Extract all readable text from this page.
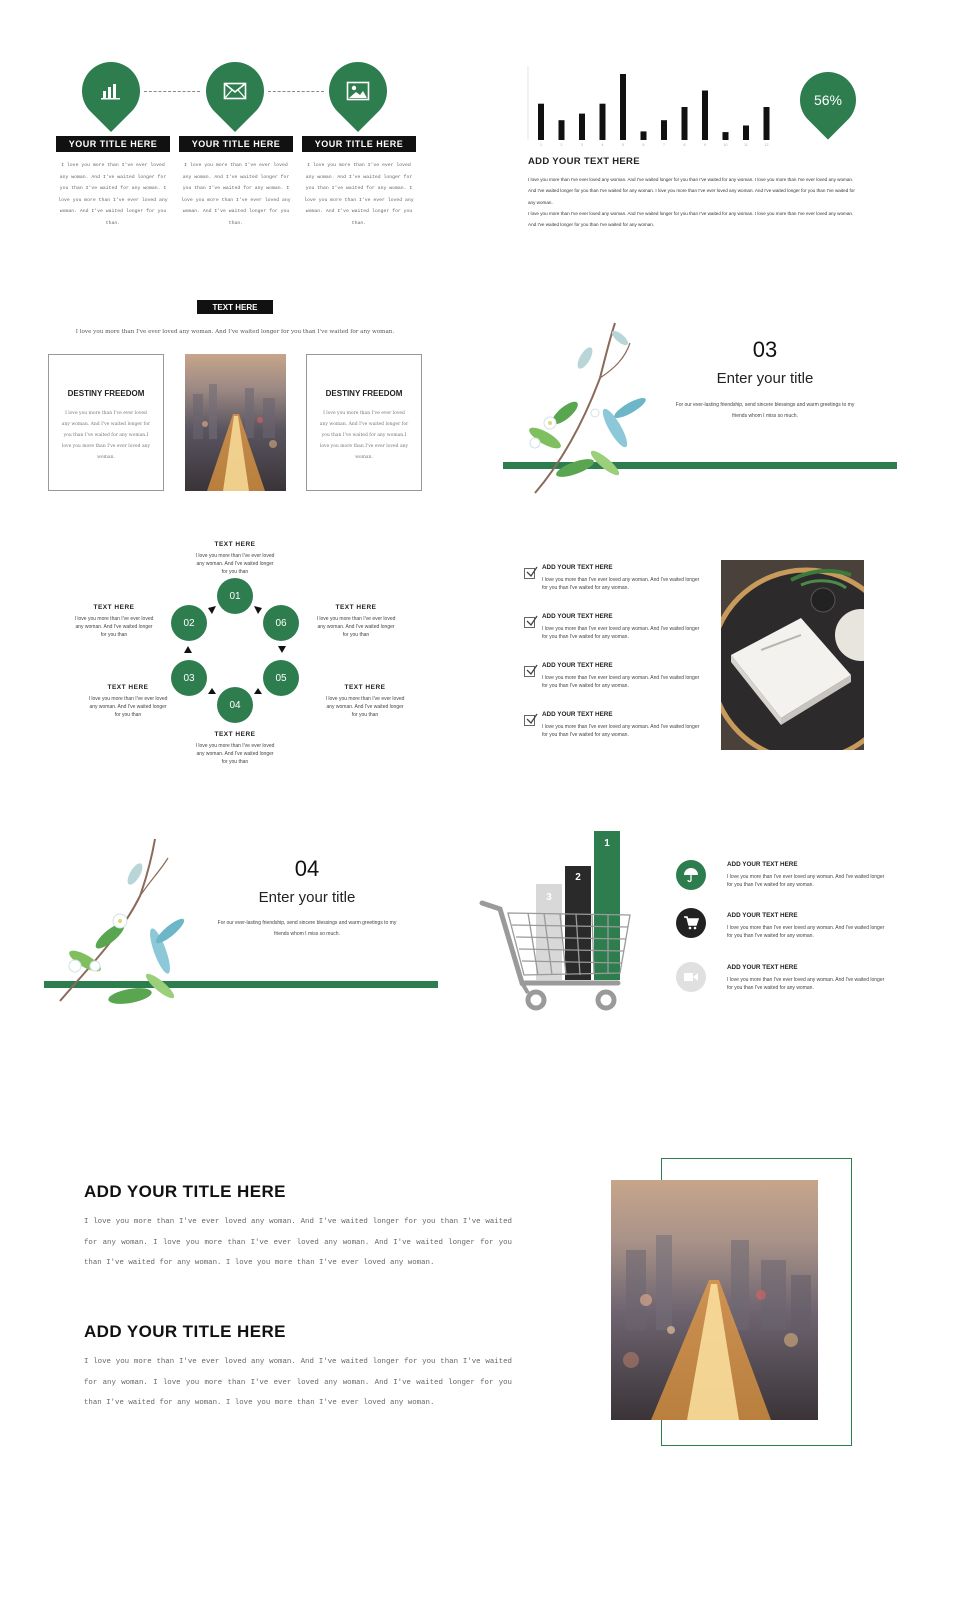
YOUR TITLE HERE	YOUR TITLE HERE	YOUR TITLE HERE
I love you more than I've ever loved any woman. And I've waited longer for you than I've waited for any woman. I love you more than I've ever loved any woman. And I've waited longer for you than.
I love you more than I've ever loved any woman. And I've waited longer for you than I've waited for any woman. I love you more than I've ever loved any woman. And I've waited longer for you than.
I love you more than I've ever loved any woman. And I've waited longer for you than I've waited for any woman. I love you more than I've ever loved any woman. And I've waited longer for you than.
1	2	3	4	5	6	7	8	9	10	11	12
56%
ADD YOUR TEXT HERE
I love you more than I've ever loved any woman. And I've waited longer for you than I've waited for any woman. I love you more than I've ever loved any woman. And I've waited longer for you than I've waited for any woman. I love you more than I've ever loved any woman. And I've waited longer for you than I've waited for any woman.
I love you more than I've ever loved any woman. And I've waited longer for you than I've waited for any woman. I love you more than I've ever loved any woman. And I've waited longer for you than I've waited for any woman.
TEXT HERE
I love you more than I've ever loved any woman. And I've waited longer for you than I've waited for any woman.
DESTINY FREEDOM

I love you more than I've ever loved any woman. And I've waited longer for you than I've waited for any woman.I love you more than I've ever loved any woman.

DESTINY FREEDOM

I love you more than I've ever loved any woman. And I've waited longer for you than I've waited for any woman.I love you more than I've ever loved any woman.

03
Enter your title
For our ever-lasting friendship, send sincere blessings and warm greetings to my friends whom I miss so much.
TEXT HERE
I love you more than I've ever loved any woman. And I've waited longer for you than
TEXT HERE
I love you more than I've ever loved any woman. And I've waited longer for you than
TEXT HERE
I love you more than I've ever loved any woman. And I've waited longer for you than
TEXT HERE
I love you more than I've ever loved any woman. And I've waited longer for you than
TEXT HERE
I love you more than I've ever loved any woman. And I've waited longer for you than
TEXT HERE
I love you more than I've ever loved any woman. And I've waited longer for you than
01
02
03
04
05
06
ADD YOUR TEXT HERE
I love you more than I've ever loved any woman. And I've waited longer for you than I've waited for any woman.
ADD YOUR TEXT HERE
I love you more than I've ever loved any woman. And I've waited longer for you than I've waited for any woman.
ADD YOUR TEXT HERE
I love you more than I've ever loved any woman. And I've waited longer for you than I've waited for any woman.
ADD YOUR TEXT HERE
I love you more than I've ever loved any woman. And I've waited longer for you than I've waited for any woman.
04
Enter your title
For our ever-lasting friendship, send sincere blessings and warm greetings to my friends whom I miss so much.
3
2
1
ADD YOUR TEXT HERE
I love you more than I've ever loved any woman. And I've waited longer for you than I've waited for any woman.
ADD YOUR TEXT HERE
I love you more than I've ever loved any woman. And I've waited longer for you than I've waited for any woman.
ADD YOUR TEXT HERE
I love you more than I've ever loved any woman. And I've waited longer for you than I've waited for any woman.
ADD YOUR TITLE HERE
I love you more than I've ever loved any woman. And I've waited longer for you than I've waited for any woman. I love you more than I've ever loved any woman. And I've waited longer for you than I've waited for any woman. I love you more than I've ever loved any woman.
ADD YOUR TITLE HERE
I love you more than I've ever loved any woman. And I've waited longer for you than I've waited for any woman. I love you more than I've ever loved any woman. And I've waited longer for you than I've waited for any woman. I love you more than I've ever loved any woman.
